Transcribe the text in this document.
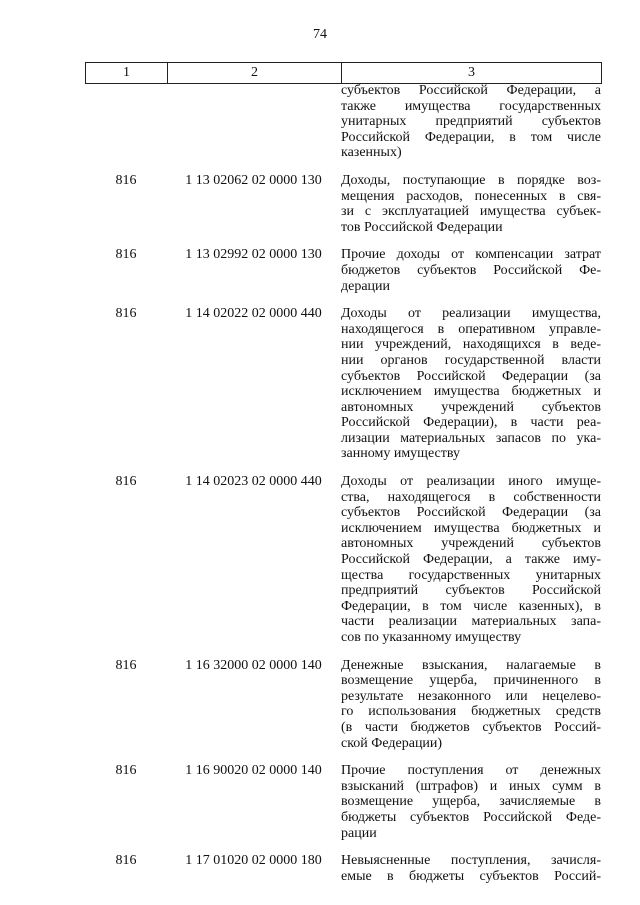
74
1	2	3
субъектов Российской Федерации, а
также имущества государственных
унитарных предприятий субъектов
Российской Федерации, в том числе
казенных)
816	1 13 02062 02 0000 130	Доходы, поступающие в порядке воз-
мещения расходов, понесенных в свя-
зи с эксплуатацией имущества субъек-
тов Российской Федерации
816	1 13 02992 02 0000 130	Прочие доходы от компенсации затрат
бюджетов субъектов Российской Фе-
дерации
816	1 14 02022 02 0000 440	Доходы от реализации имущества,
находящегося в оперативном управле-
нии учреждений, находящихся в веде-
нии органов государственной власти
субъектов Российской Федерации (за
исключением имущества бюджетных и
автономных учреждений субъектов
Российской Федерации), в части реа-
лизации материальных запасов по ука-
занному имуществу
816	1 14 02023 02 0000 440	Доходы от реализации иного имуще-
ства, находящегося в собственности
субъектов Российской Федерации (за
исключением имущества бюджетных и
автономных учреждений субъектов
Российской Федерации, а также иму-
щества государственных унитарных
предприятий субъектов Российской
Федерации, в том числе казенных), в
части реализации материальных запа-
сов по указанному имуществу
816	1 16 32000 02 0000 140	Денежные взыскания, налагаемые в
возмещение ущерба, причиненного в
результате незаконного или нецелево-
го использования бюджетных средств
(в части бюджетов субъектов Россий-
ской Федерации)
816	1 16 90020 02 0000 140	Прочие поступления от денежных
взысканий (штрафов) и иных сумм в
возмещение ущерба, зачисляемые в
бюджеты субъектов Российской Феде-
рации
816	1 17 01020 02 0000 180	Невыясненные поступления, зачисля-
емые в бюджеты субъектов Россий-
